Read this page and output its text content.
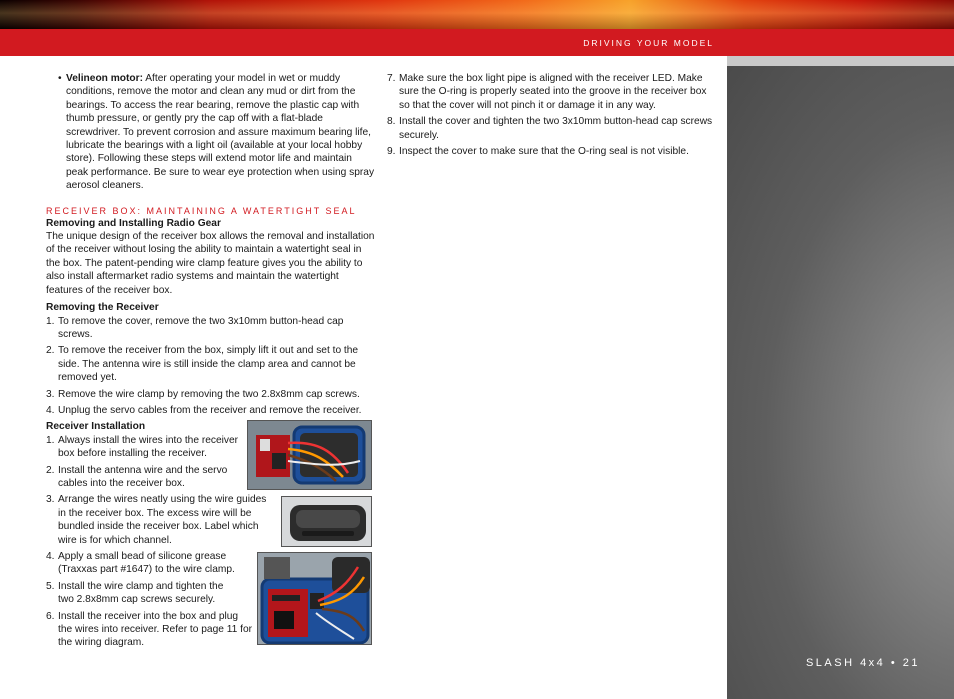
DRIVING YOUR MODEL
SLASH 4x4 • 21
• Velineon motor: After operating your model in wet or muddy conditions, remove the motor and clean any mud or dirt from the bearings. To access the rear bearing, remove the plastic cap with thumb pressure, or gently pry the cap off with a flat-blade screwdriver. To prevent corrosion and assure maximum bearing life, lubricate the bearings with a light oil (available at your local hobby store). Following these steps will extend motor life and maintain peak performance. Be sure to wear eye protection when using spray aerosol cleaners.

RECEIVER BOX: MAINTAINING A WATERTIGHT SEAL
Removing and Installing Radio Gear

The unique design of the receiver box allows the removal and installation of the receiver without losing the ability to maintain a watertight seal in the box. The patent-pending wire clamp feature gives you the ability to also install aftermarket radio systems and maintain the watertight features of the receiver box.

Removing the Receiver
1. To remove the cover, remove the two 3x10mm button-head cap screws.
2. To remove the receiver from the box, simply lift it out and set to the side. The antenna wire is still inside the clamp area and cannot be removed yet.
3. Remove the wire clamp by removing the two 2.8x8mm cap screws.
4. Unplug the servo cables from the receiver and remove the receiver.
Receiver Installation
1. Always install the wires into the receiver box before installing the receiver.
2. Install the antenna wire and the servo cables into the receiver box.
3. Arrange the wires neatly using the wire guides in the receiver box. The excess wire will be bundled inside the receiver box. Label which wire is for which channel.
4. Apply a small bead of silicone grease (Traxxas part #1647) to the wire clamp.
5. Install the wire clamp and tighten the two 2.8x8mm cap screws securely.
6. Install the receiver into the box and plug the wires into receiver. Refer to page 11 for the wiring diagram.
7. Make sure the box light pipe is aligned with the receiver LED. Make sure the O-ring is properly seated into the groove in the receiver box so that the cover will not pinch it or damage it in any way.
8. Install the cover and tighten the two 3x10mm button-head cap screws securely.
9. Inspect the cover to make sure that the O-ring seal is not visible.
